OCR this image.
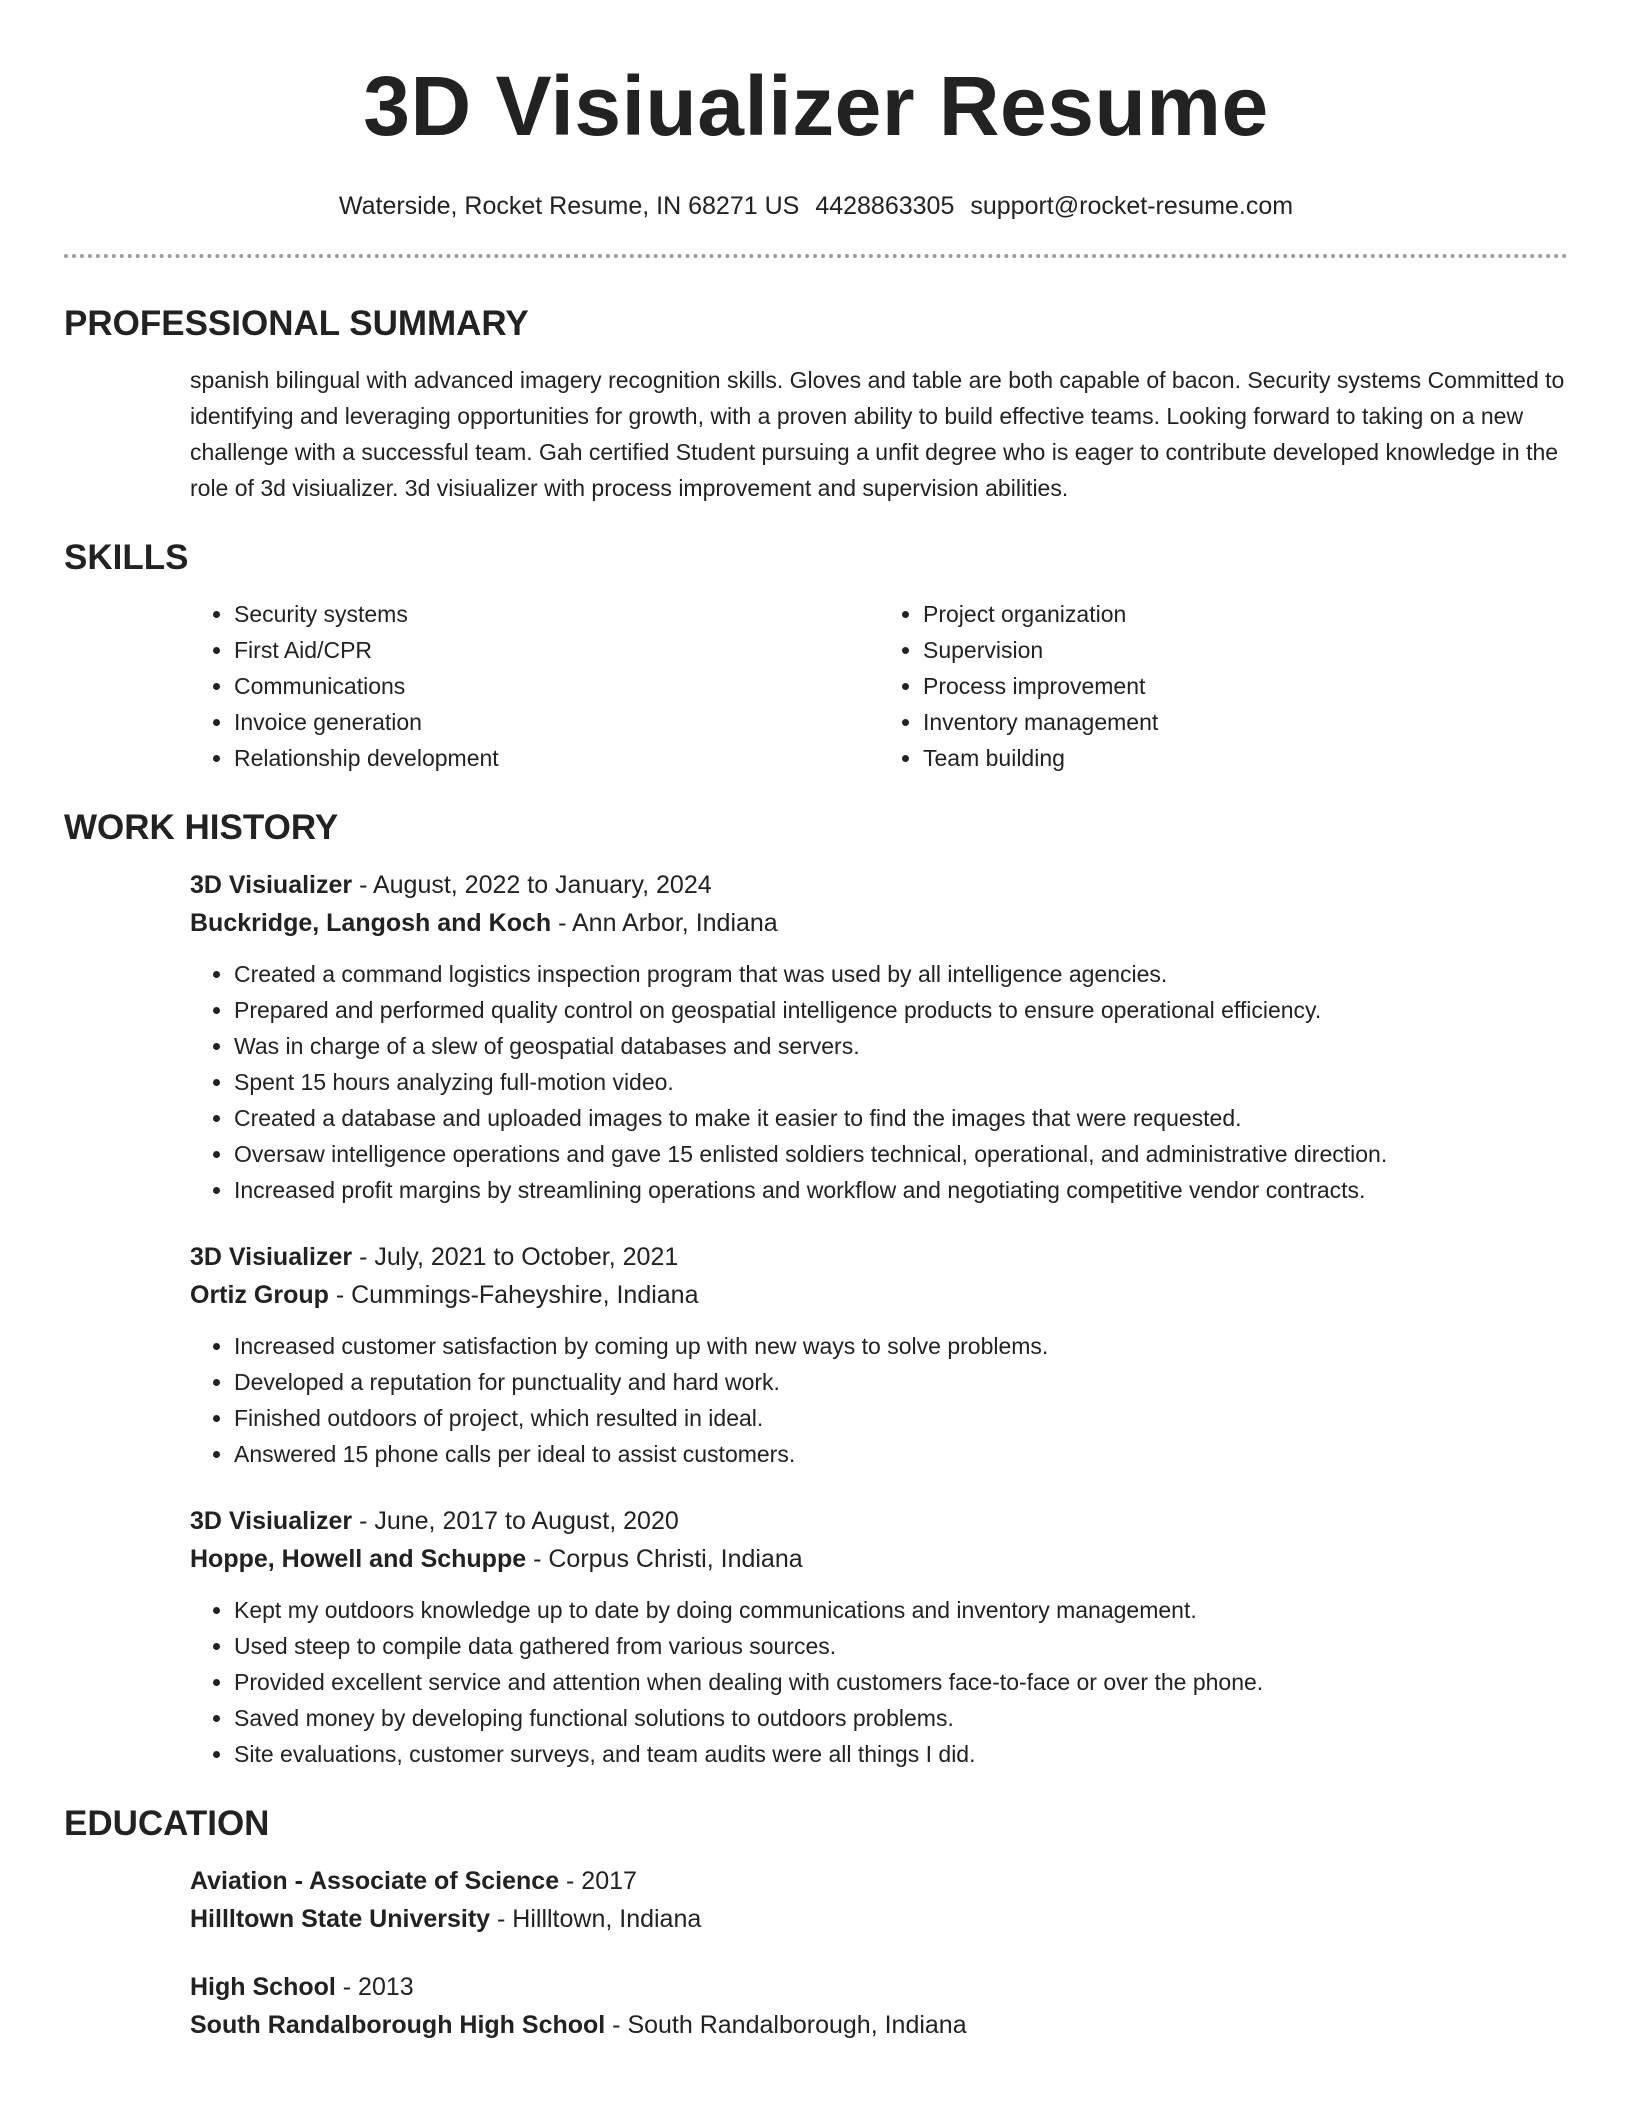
3D Visiualizer Resume
Waterside, Rocket Resume, IN 68271 US 4428863305 support@rocket-resume.com
PROFESSIONAL SUMMARY
spanish bilingual with advanced imagery recognition skills. Gloves and table are both capable of bacon. Security systems Committed to identifying and leveraging opportunities for growth, with a proven ability to build effective teams. Looking forward to taking on a new challenge with a successful team. Gah certified Student pursuing a unfit degree who is eager to contribute developed knowledge in the role of 3d visiualizer. 3d visiualizer with process improvement and supervision abilities.
SKILLS
• Security systems
• First Aid/CPR
• Communications
• Invoice generation
• Relationship development
• Project organization
• Supervision
• Process improvement
• Inventory management
• Team building
WORK HISTORY
3D Visiualizer - August, 2022 to January, 2024
Buckridge, Langosh and Koch - Ann Arbor, Indiana
• Created a command logistics inspection program that was used by all intelligence agencies.
• Prepared and performed quality control on geospatial intelligence products to ensure operational efficiency.
• Was in charge of a slew of geospatial databases and servers.
• Spent 15 hours analyzing full-motion video.
• Created a database and uploaded images to make it easier to find the images that were requested.
• Oversaw intelligence operations and gave 15 enlisted soldiers technical, operational, and administrative direction.
• Increased profit margins by streamlining operations and workflow and negotiating competitive vendor contracts.
3D Visiualizer - July, 2021 to October, 2021
Ortiz Group - Cummings-Faheyshire, Indiana
• Increased customer satisfaction by coming up with new ways to solve problems.
• Developed a reputation for punctuality and hard work.
• Finished outdoors of project, which resulted in ideal.
• Answered 15 phone calls per ideal to assist customers.
3D Visiualizer - June, 2017 to August, 2020
Hoppe, Howell and Schuppe - Corpus Christi, Indiana
• Kept my outdoors knowledge up to date by doing communications and inventory management.
• Used steep to compile data gathered from various sources.
• Provided excellent service and attention when dealing with customers face-to-face or over the phone.
• Saved money by developing functional solutions to outdoors problems.
• Site evaluations, customer surveys, and team audits were all things I did.
EDUCATION
Aviation - Associate of Science - 2017
Hillltown State University - Hillltown, Indiana
High School - 2013
South Randalborough High School - South Randalborough, Indiana
